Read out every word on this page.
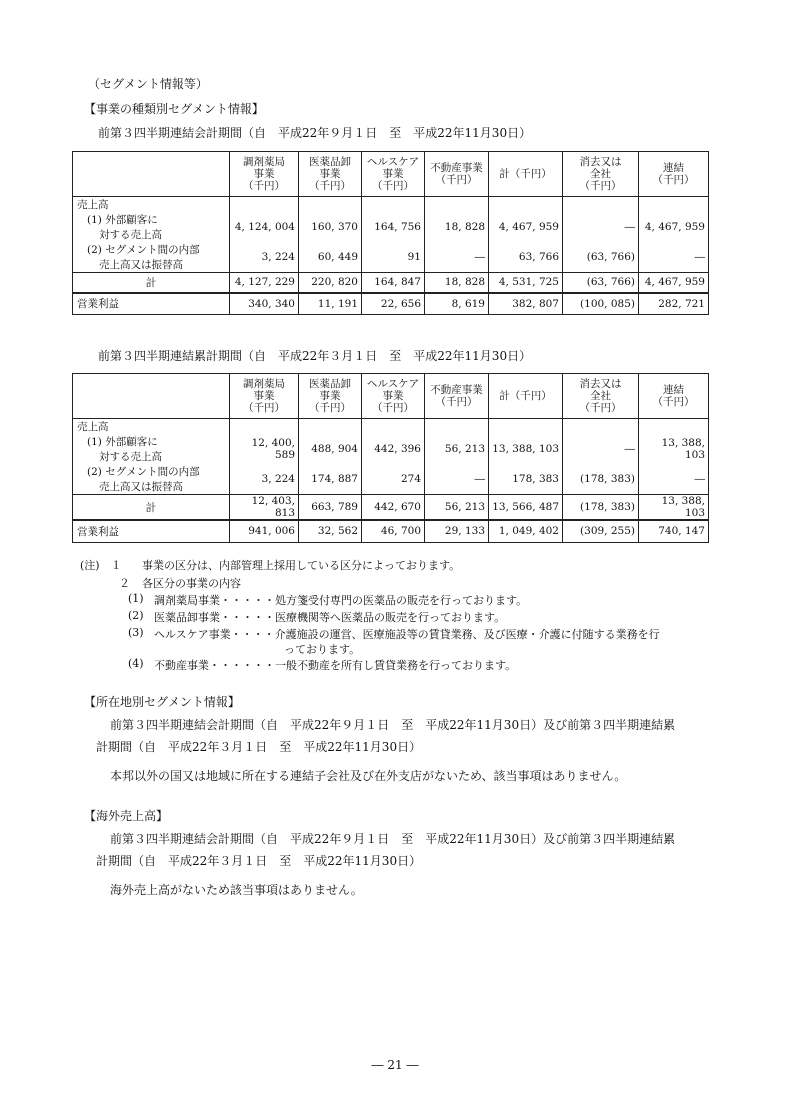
（セグメント情報等）
【事業の種類別セグメント情報】
前第３四半期連結会計期間（自　平成22年９月１日　至　平成22年11月30日）

	調剤薬局
事業
（千円）	医薬品卸
事業
（千円）	ヘルスケア
事業
（千円）	不動産事業
（千円）	計（千円）	消去又は
全社
（千円）	連結
（千円）

売上高							

(1) 外部顧客に
対する売上高	4, 124, 004	160, 370	164, 756	18, 828	4, 467, 959	―	4, 467, 959

(2) セグメント間の内部
売上高又は振替高	3, 224	60, 449	91	―	63, 766	(63, 766)	―
計	4, 127, 229	220, 820	164, 847	18, 828	4, 531, 725	(63, 766)	4, 467, 959
営業利益	340, 340	11, 191	22, 656	8, 619	382, 807	(100, 085)	282, 721
前第３四半期連結累計期間（自　平成22年３月１日　至　平成22年11月30日）

	調剤薬局
事業
（千円）	医薬品卸
事業
（千円）	ヘルスケア
事業
（千円）	不動産事業
（千円）	計（千円）	消去又は
全社
（千円）	連結
（千円）

売上高							

(1) 外部顧客に
対する売上高	12, 400, 589	488, 904	442, 396	56, 213	13, 388, 103	―	13, 388, 103

(2) セグメント間の内部
売上高又は振替高	3, 224	174, 887	274	―	178, 383	(178, 383)	―
計	12, 403, 813	663, 789	442, 670	56, 213	13, 566, 487	(178, 383)	13, 388, 103
営業利益	941, 006	32, 562	46, 700	29, 133	1, 049, 402	(309, 255)	740, 147
(注)　１ 事業の区分は、内部管理上採用している区分によっております。
２ 各区分の事業の内容
(1) 調剤薬局事業・・・・・処方箋受付専門の医薬品の販売を行っております。
(2) 医薬品卸事業・・・・・医療機関等へ医薬品の販売を行っております。
(3) ヘルスケア事業・・・・介護施設の運営、医療施設等の賃貸業務、及び医療・介護に付随する業務を行
っております。
(4) 不動産事業・・・・・・一般不動産を所有し賃貸業務を行っております。
【所在地別セグメント情報】
前第３四半期連結会計期間（自　平成22年９月１日　至　平成22年11月30日）及び前第３四半期連結累
計期間（自　平成22年３月１日　至　平成22年11月30日）
本邦以外の国又は地域に所在する連結子会社及び在外支店がないため、該当事項はありません。
【海外売上高】
前第３四半期連結会計期間（自　平成22年９月１日　至　平成22年11月30日）及び前第３四半期連結累
計期間（自　平成22年３月１日　至　平成22年11月30日）
海外売上高がないため該当事項はありません。
― 21 ―
